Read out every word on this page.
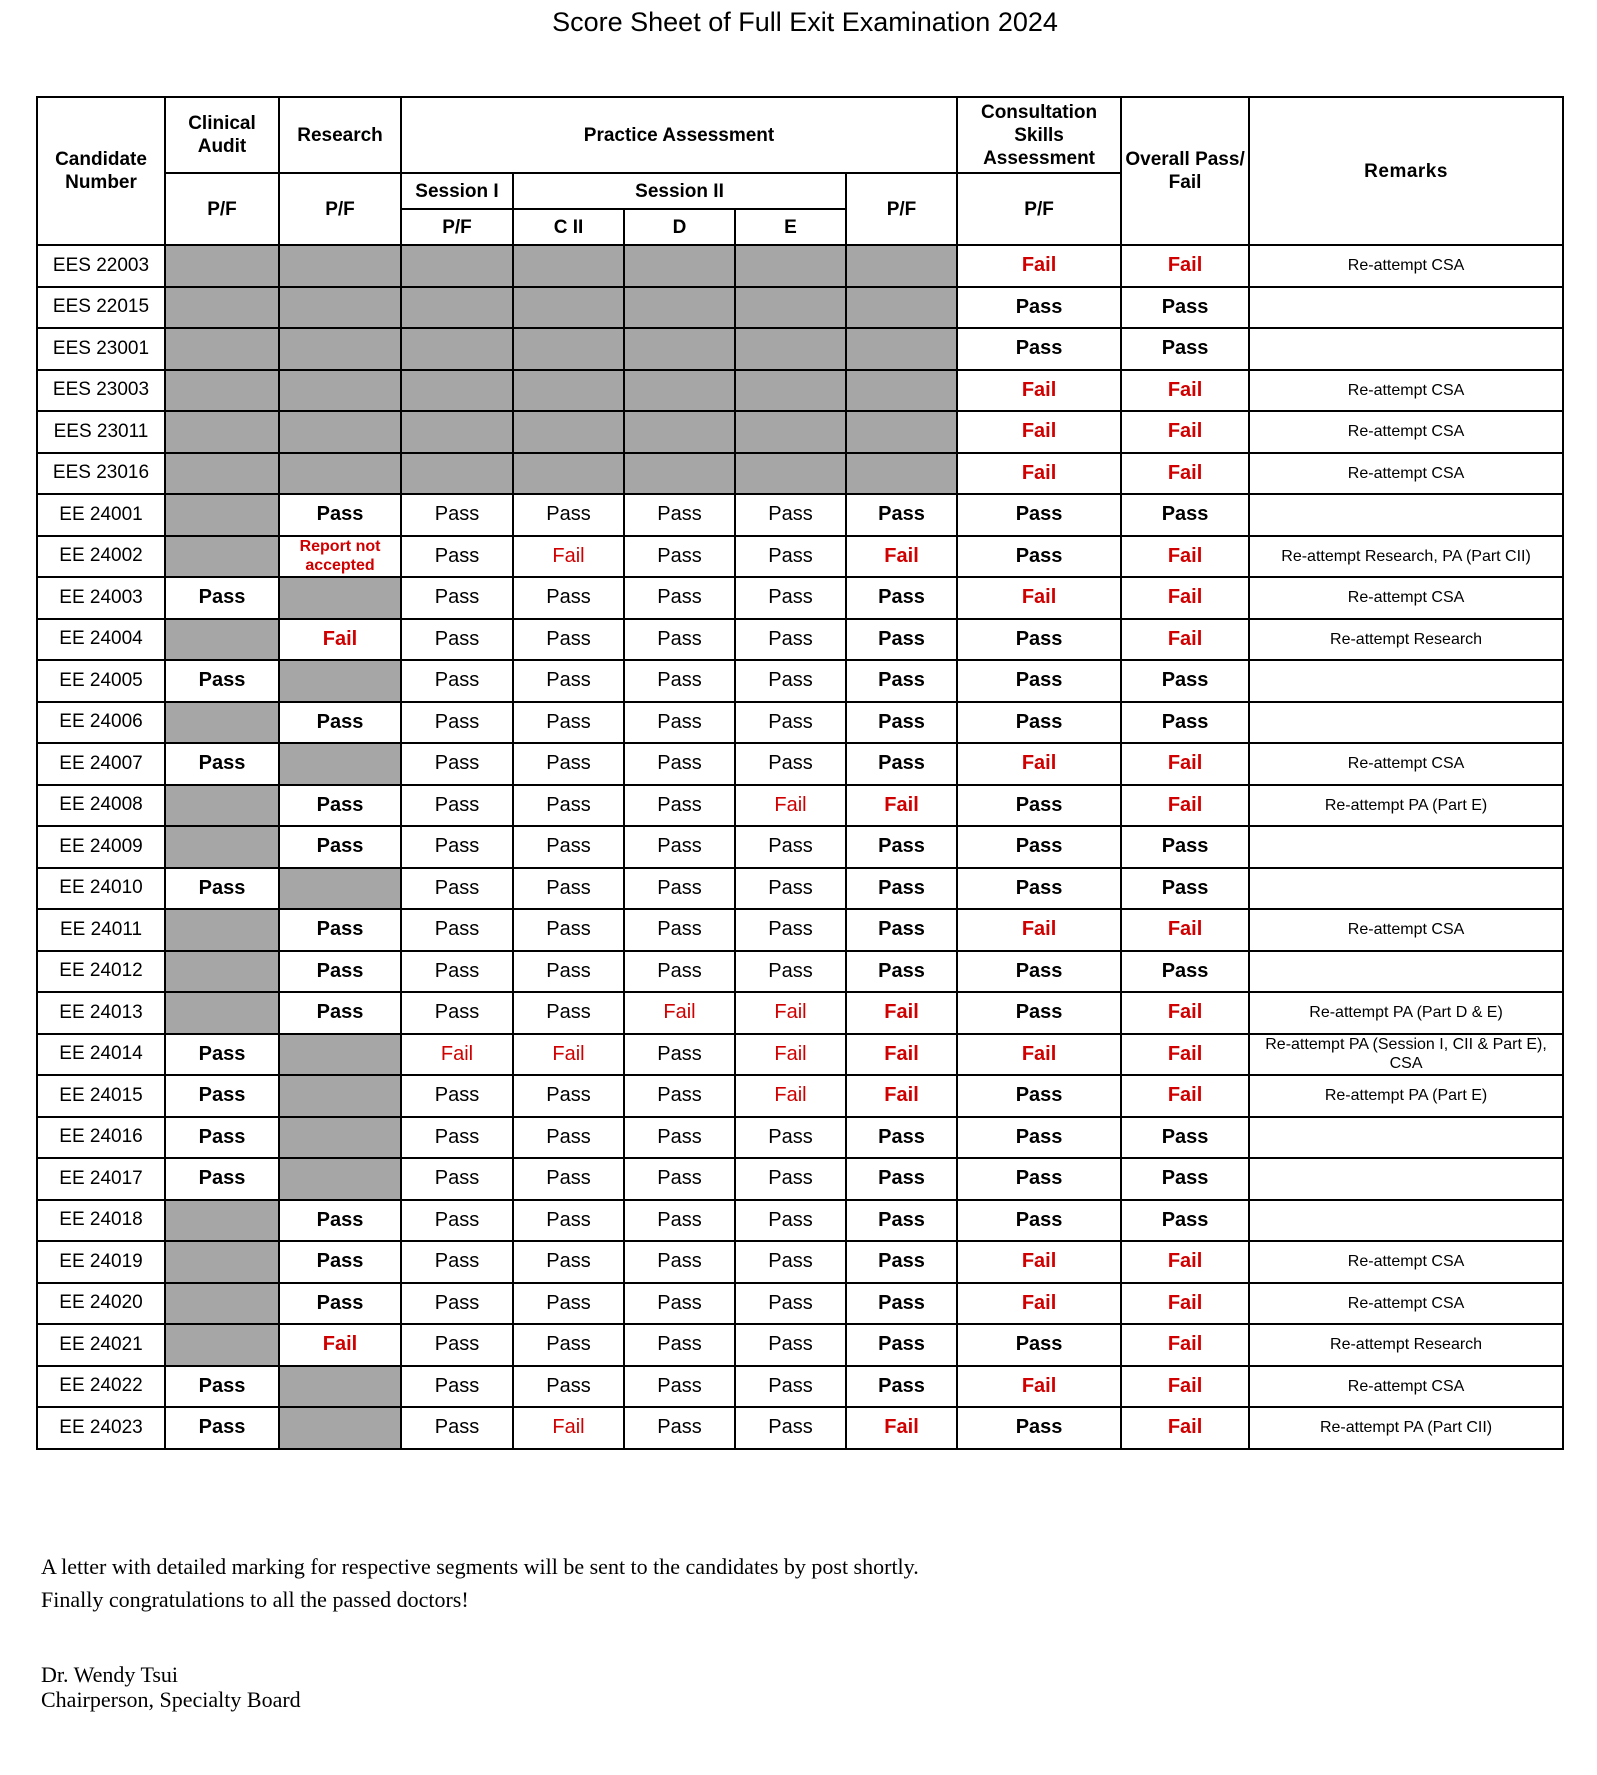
Score Sheet of Full Exit Examination 2024
Candidate Number	Clinical Audit	Research	Practice Assessment					Consultation Skills Assessment	Overall Pass/ Fail	Remarks
	P/F	P/F	Session I	Session II			P/F	P/F		
			P/F	C II	D	E				
EES 22003								Fail	Fail	Re-attempt CSA
EES 22015								Pass	Pass	
EES 23001								Pass	Pass	
EES 23003								Fail	Fail	Re-attempt CSA
EES 23011								Fail	Fail	Re-attempt CSA
EES 23016								Fail	Fail	Re-attempt CSA
EE 24001		Pass	Pass	Pass	Pass	Pass	Pass	Pass	Pass	
EE 24002		Report not accepted	Pass	Fail	Pass	Pass	Fail	Pass	Fail	Re-attempt Research, PA (Part CII)
EE 24003	Pass		Pass	Pass	Pass	Pass	Pass	Fail	Fail	Re-attempt CSA
EE 24004		Fail	Pass	Pass	Pass	Pass	Pass	Pass	Fail	Re-attempt Research
EE 24005	Pass		Pass	Pass	Pass	Pass	Pass	Pass	Pass	
EE 24006		Pass	Pass	Pass	Pass	Pass	Pass	Pass	Pass	
EE 24007	Pass		Pass	Pass	Pass	Pass	Pass	Fail	Fail	Re-attempt CSA
EE 24008		Pass	Pass	Pass	Pass	Fail	Fail	Pass	Fail	Re-attempt PA (Part E)
EE 24009		Pass	Pass	Pass	Pass	Pass	Pass	Pass	Pass	
EE 24010	Pass		Pass	Pass	Pass	Pass	Pass	Pass	Pass	
EE 24011		Pass	Pass	Pass	Pass	Pass	Pass	Fail	Fail	Re-attempt CSA
EE 24012		Pass	Pass	Pass	Pass	Pass	Pass	Pass	Pass	
EE 24013		Pass	Pass	Pass	Fail	Fail	Fail	Pass	Fail	Re-attempt PA (Part D & E)
EE 24014	Pass		Fail	Fail	Pass	Fail	Fail	Fail	Fail	Re-attempt PA (Session I, CII & Part E), CSA
EE 24015	Pass		Pass	Pass	Pass	Fail	Fail	Pass	Fail	Re-attempt PA (Part E)
EE 24016	Pass		Pass	Pass	Pass	Pass	Pass	Pass	Pass	
EE 24017	Pass		Pass	Pass	Pass	Pass	Pass	Pass	Pass	
EE 24018		Pass	Pass	Pass	Pass	Pass	Pass	Pass	Pass	
EE 24019		Pass	Pass	Pass	Pass	Pass	Pass	Fail	Fail	Re-attempt CSA
EE 24020		Pass	Pass	Pass	Pass	Pass	Pass	Fail	Fail	Re-attempt CSA
EE 24021		Fail	Pass	Pass	Pass	Pass	Pass	Pass	Fail	Re-attempt Research
EE 24022	Pass		Pass	Pass	Pass	Pass	Pass	Fail	Fail	Re-attempt CSA
EE 24023	Pass		Pass	Fail	Pass	Pass	Fail	Pass	Fail	Re-attempt PA (Part CII)
A letter with detailed marking for respective segments will be sent to the candidates by post shortly.
Finally congratulations to all the passed doctors!
Dr. Wendy Tsui
Chairperson, Specialty Board
